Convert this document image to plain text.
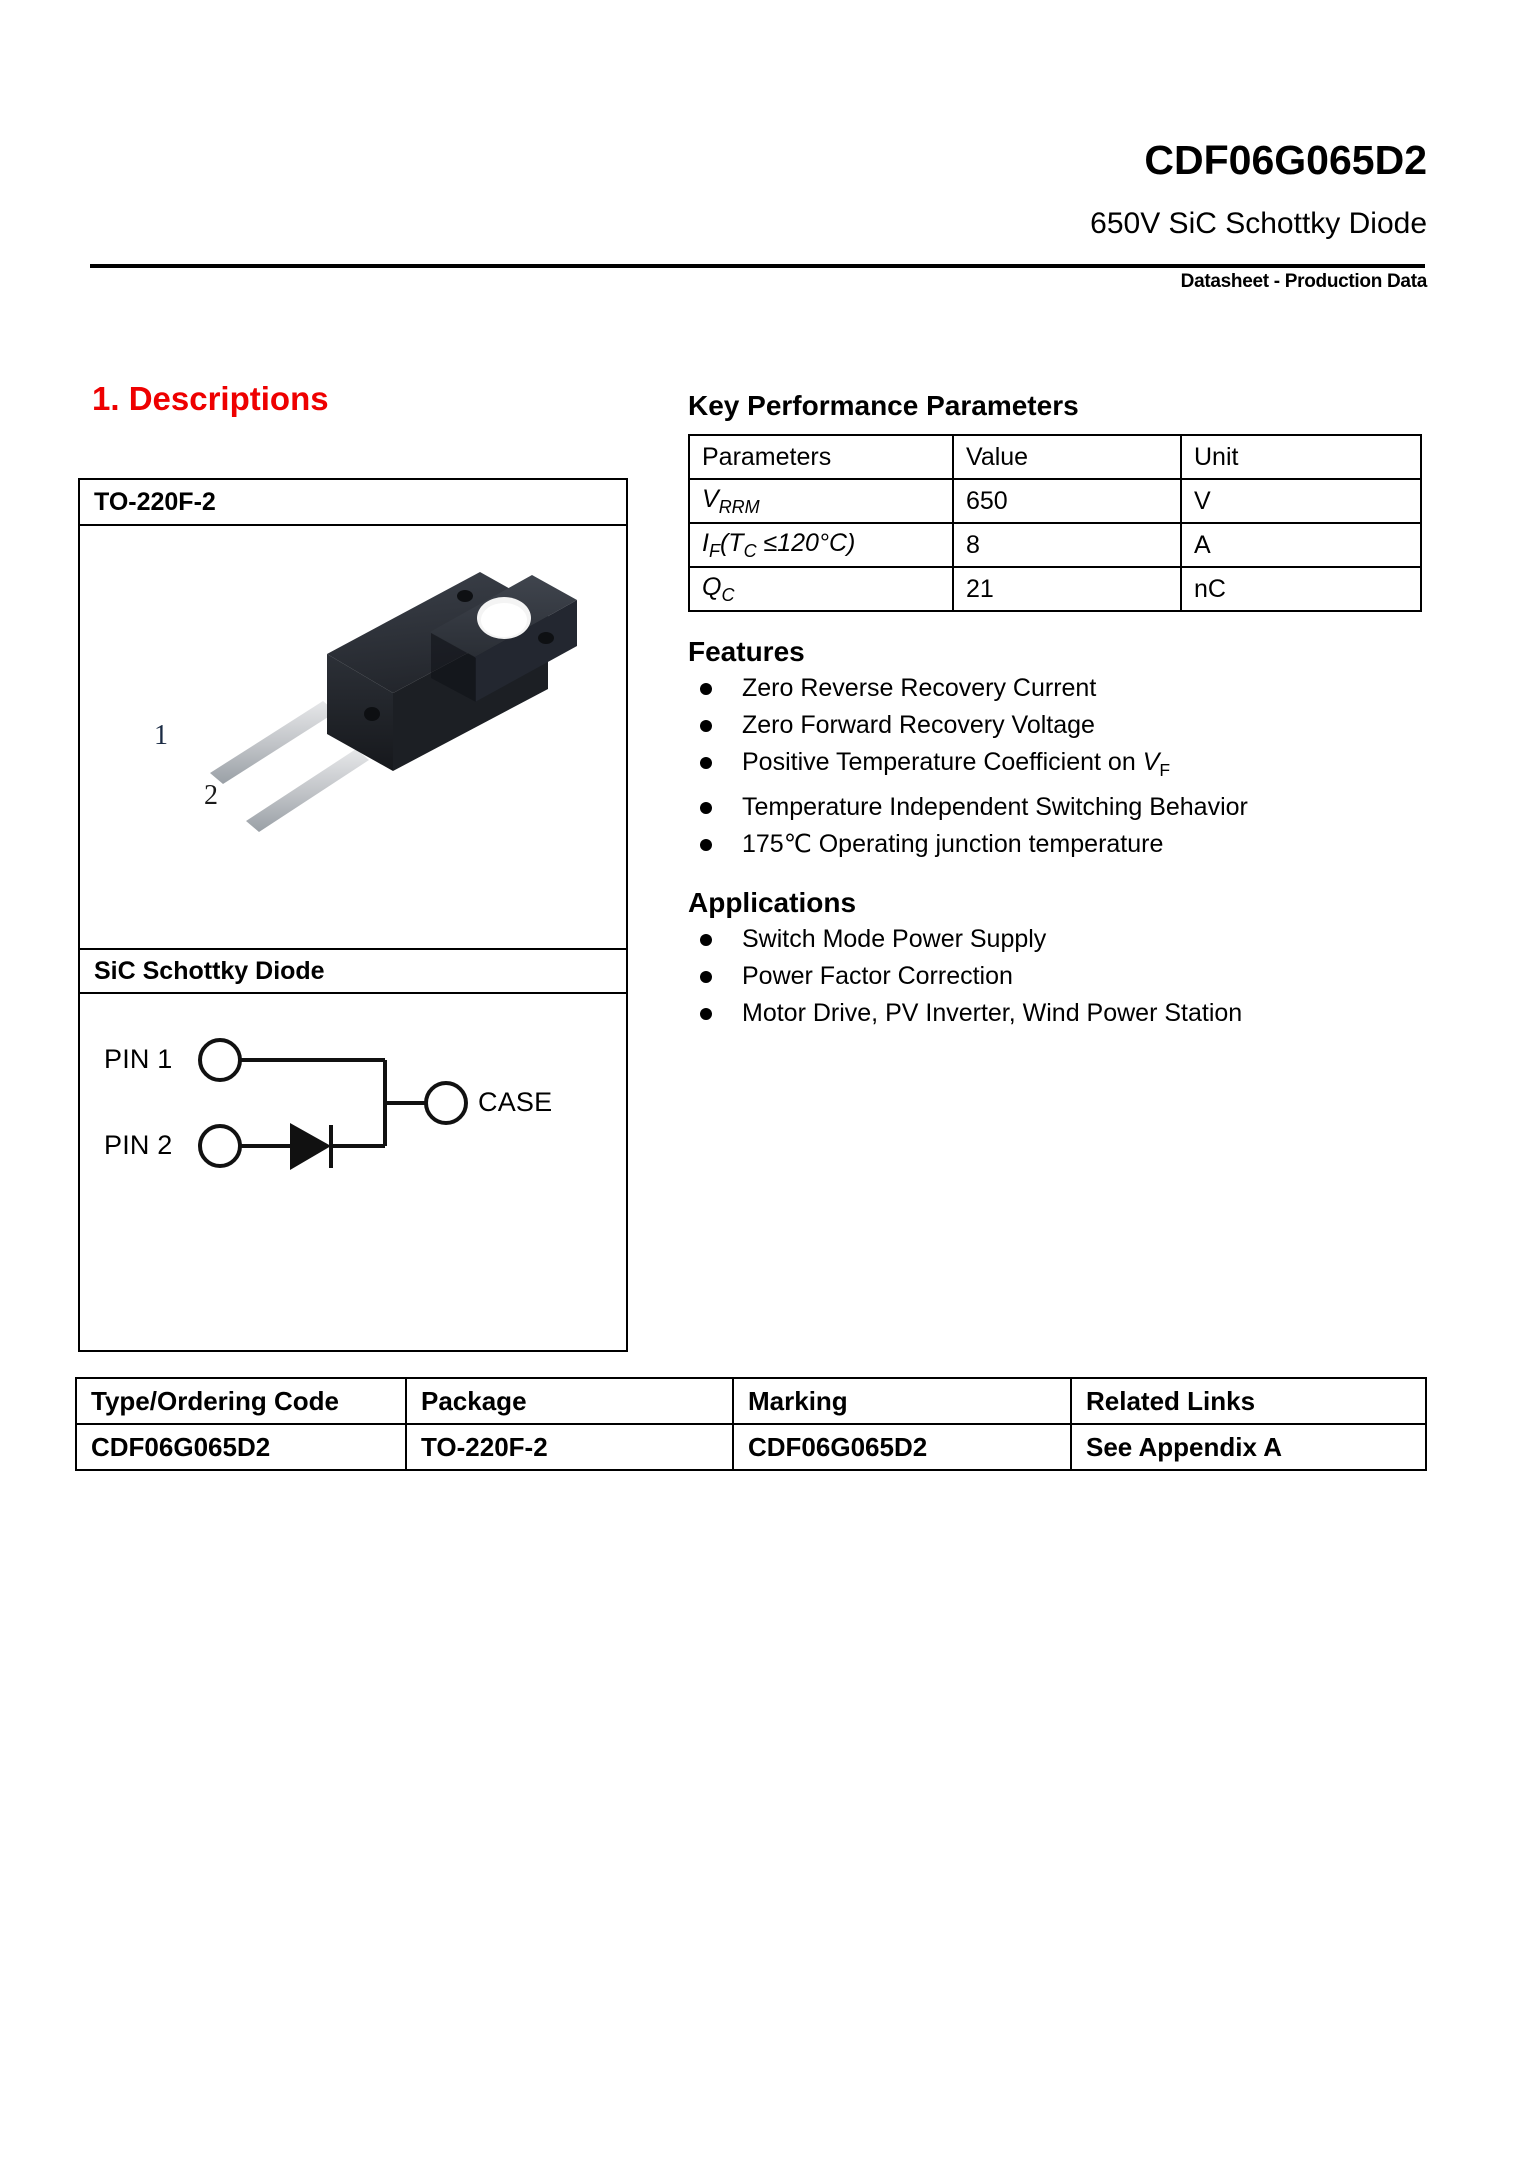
CDF06G065D2
650V SiC Schottky Diode
Datasheet - Production Data
1. Descriptions
TO-220F-2
1
2
SiC Schottky Diode
PIN 1
PIN 2
CASE
Key Performance Parameters
Parameters	Value	Unit
$V_{RRM}$	650	V
$I_F(T_C \le 120^\circ C)$	8	A
$Q_C$	21	nC
Features
Zero Reverse Recovery Current
Zero Forward Recovery Voltage
Positive Temperature Coefficient on $V_F$
Temperature Independent Switching Behavior
175℃ Operating junction temperature
Applications
Switch Mode Power Supply
Power Factor Correction
Motor Drive, PV Inverter, Wind Power Station
Type/Ordering Code	Package	Marking	Related Links
CDF06G065D2	TO-220F-2	CDF06G065D2	See Appendix A
